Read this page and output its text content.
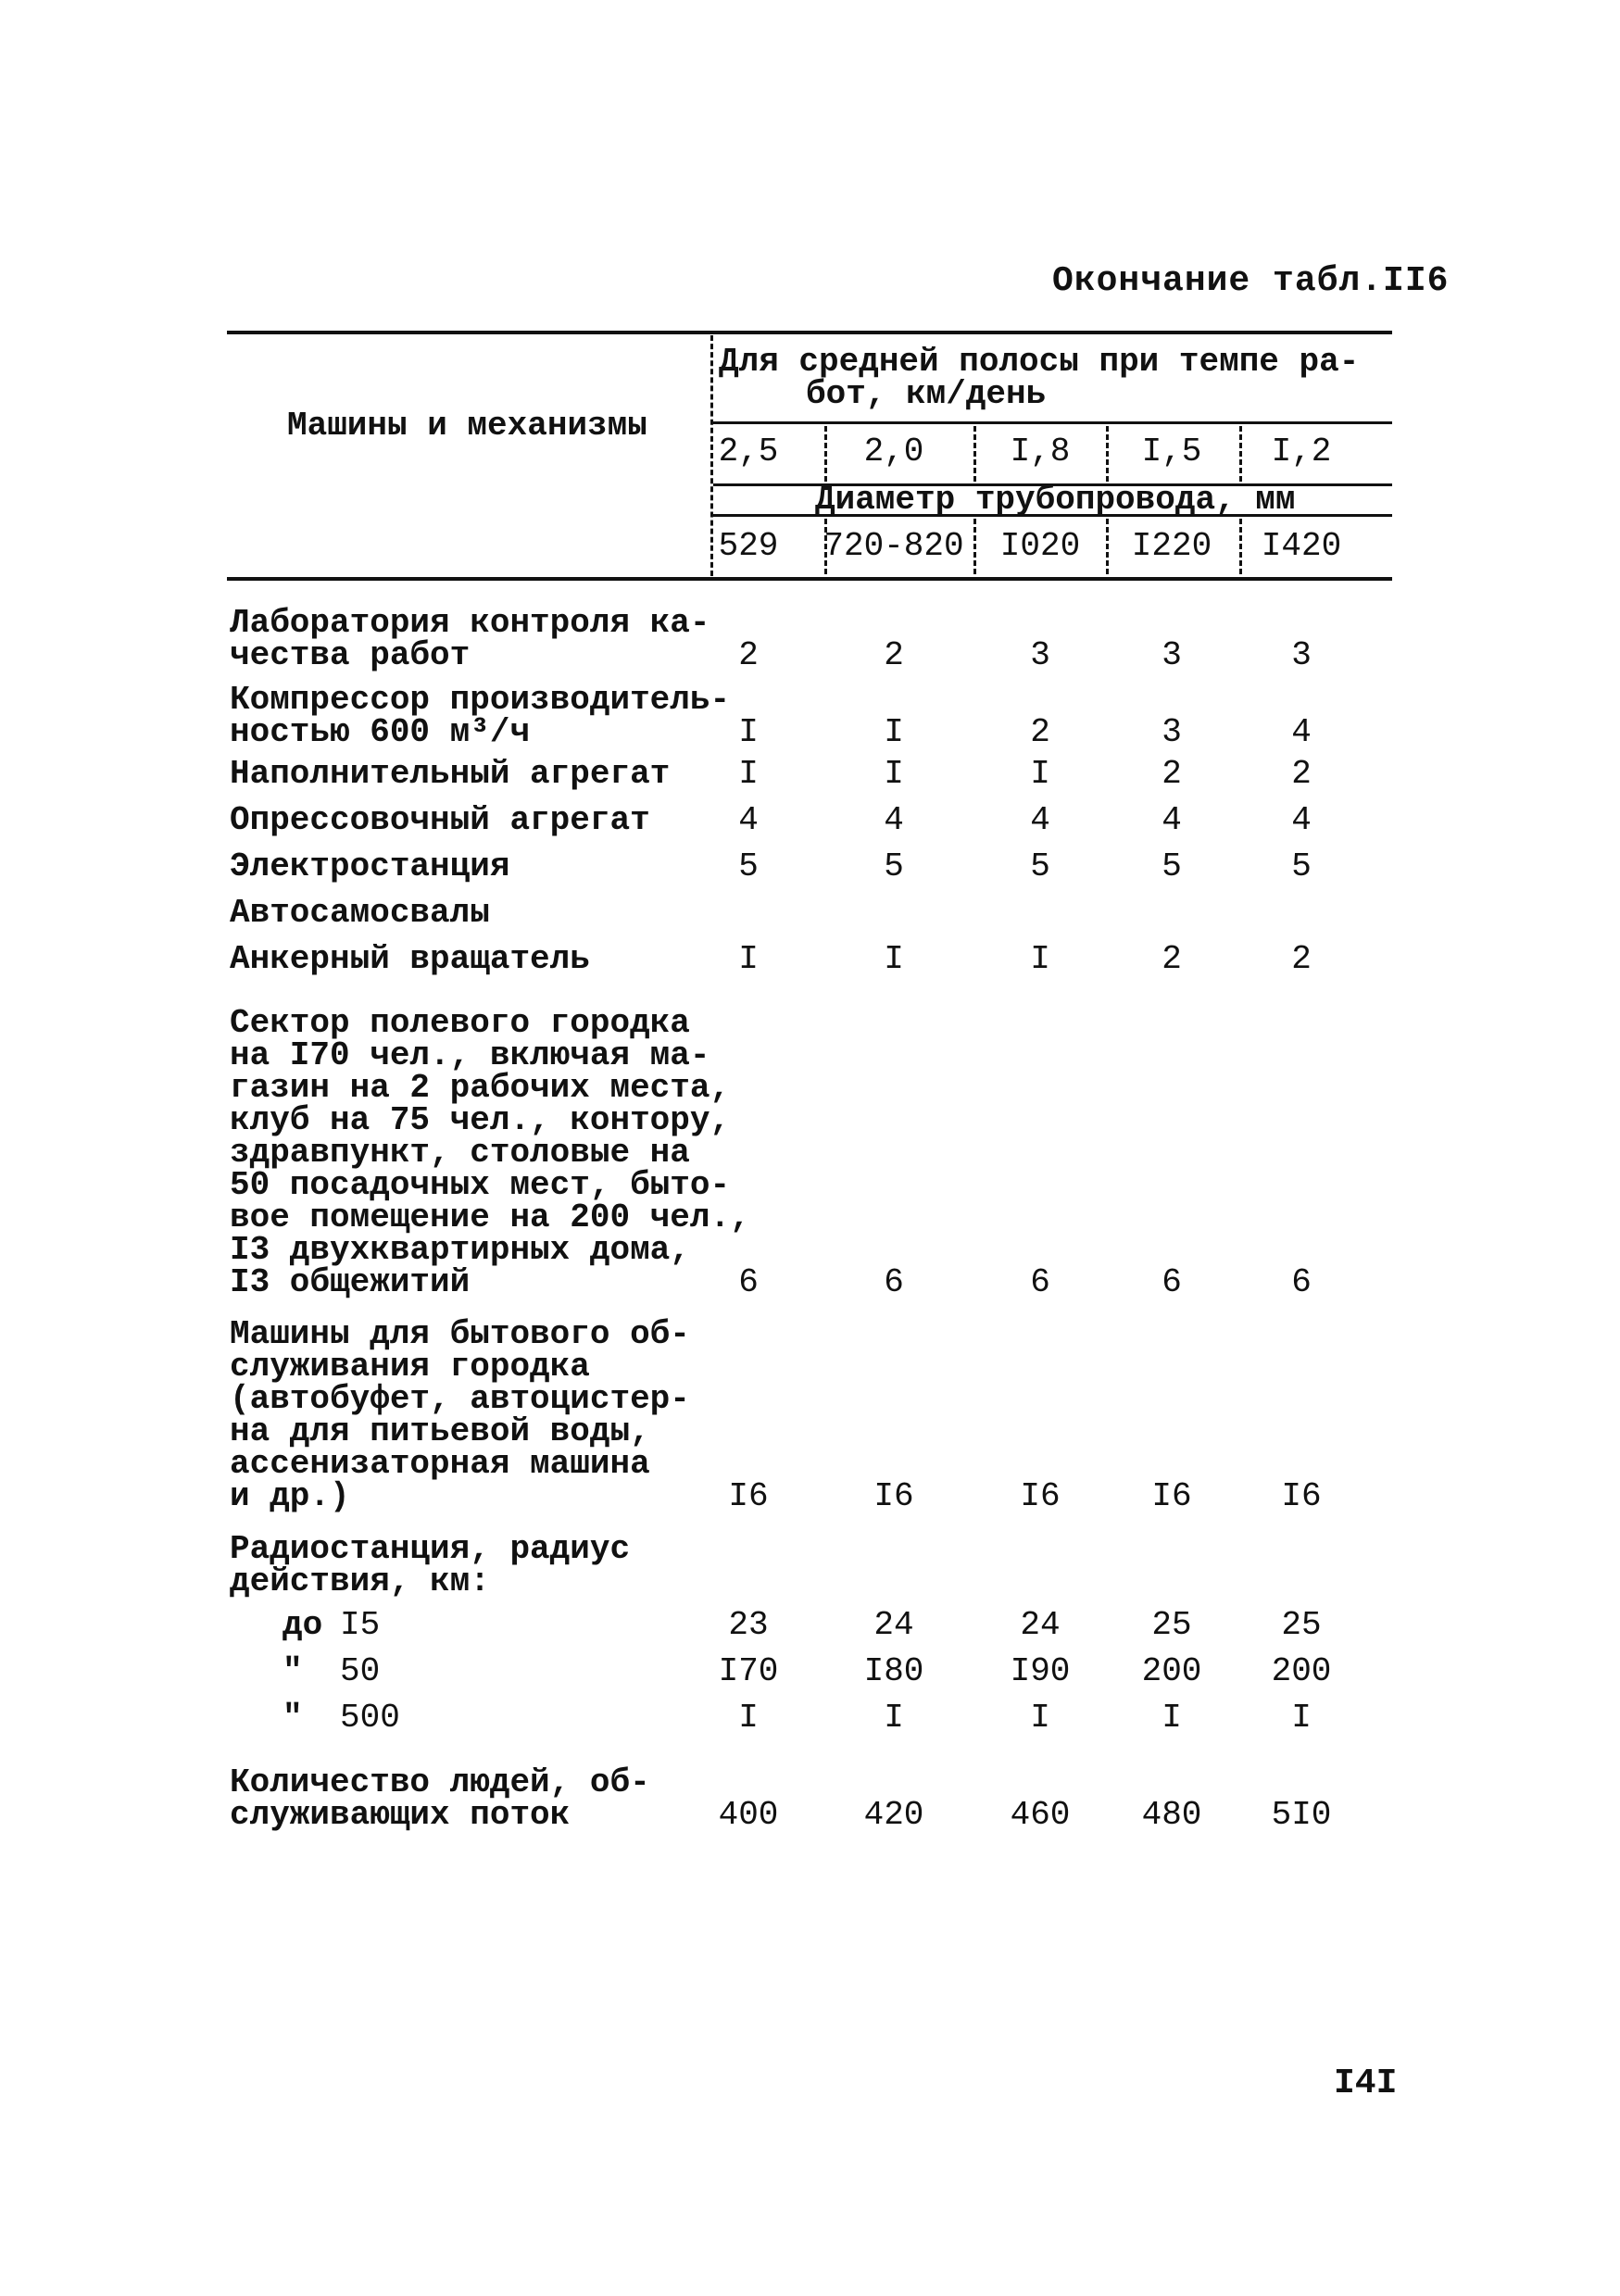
Окончание табл.II6
Машины и механизмы
Для средней полосы при темпе ра-
бот, км/день
Диаметр трубопровода, мм
2,5	2,0	I,8	I,5	I,2
529	720-820	I020	I220	I420
Лаборатория контроля ка-
чества работ	2	2	3	3	3
Компрессор производитель-
ностью 600 м³/ч	I	I	2	3	4
Наполнительный агрегат	I	I	I	2	2
Опрессовочный агрегат	4	4	4	4	4
Электростанция	5	5	5	5	5
Автосамосвалы
Анкерный вращатель	I	I	I	2	2
Сектор полевого городка
на I70 чел., включая ма-
газин на 2 рабочих места,
клуб на 75 чел., контору,
здравпункт, столовые на
50 посадочных мест, быто-
вое помещение на 200 чел.,
I3 двухквартирных дома,
I3 общежитий	6	6	6	6	6
Машины для бытового об-
служивания городка
(автобуфет, автоцистер-
на для питьевой воды,
ассенизаторная машина
и др.)	I6	I6	I6	I6	I6
Радиостанция, радиус
действия, км:
до I5	23	24	24	25	25
" 50	I70	I80	I90	200	200
" 500	I	I	I	I	I
Количество людей, об-
служивающих поток	400	420	460	480	5I0
I4I
